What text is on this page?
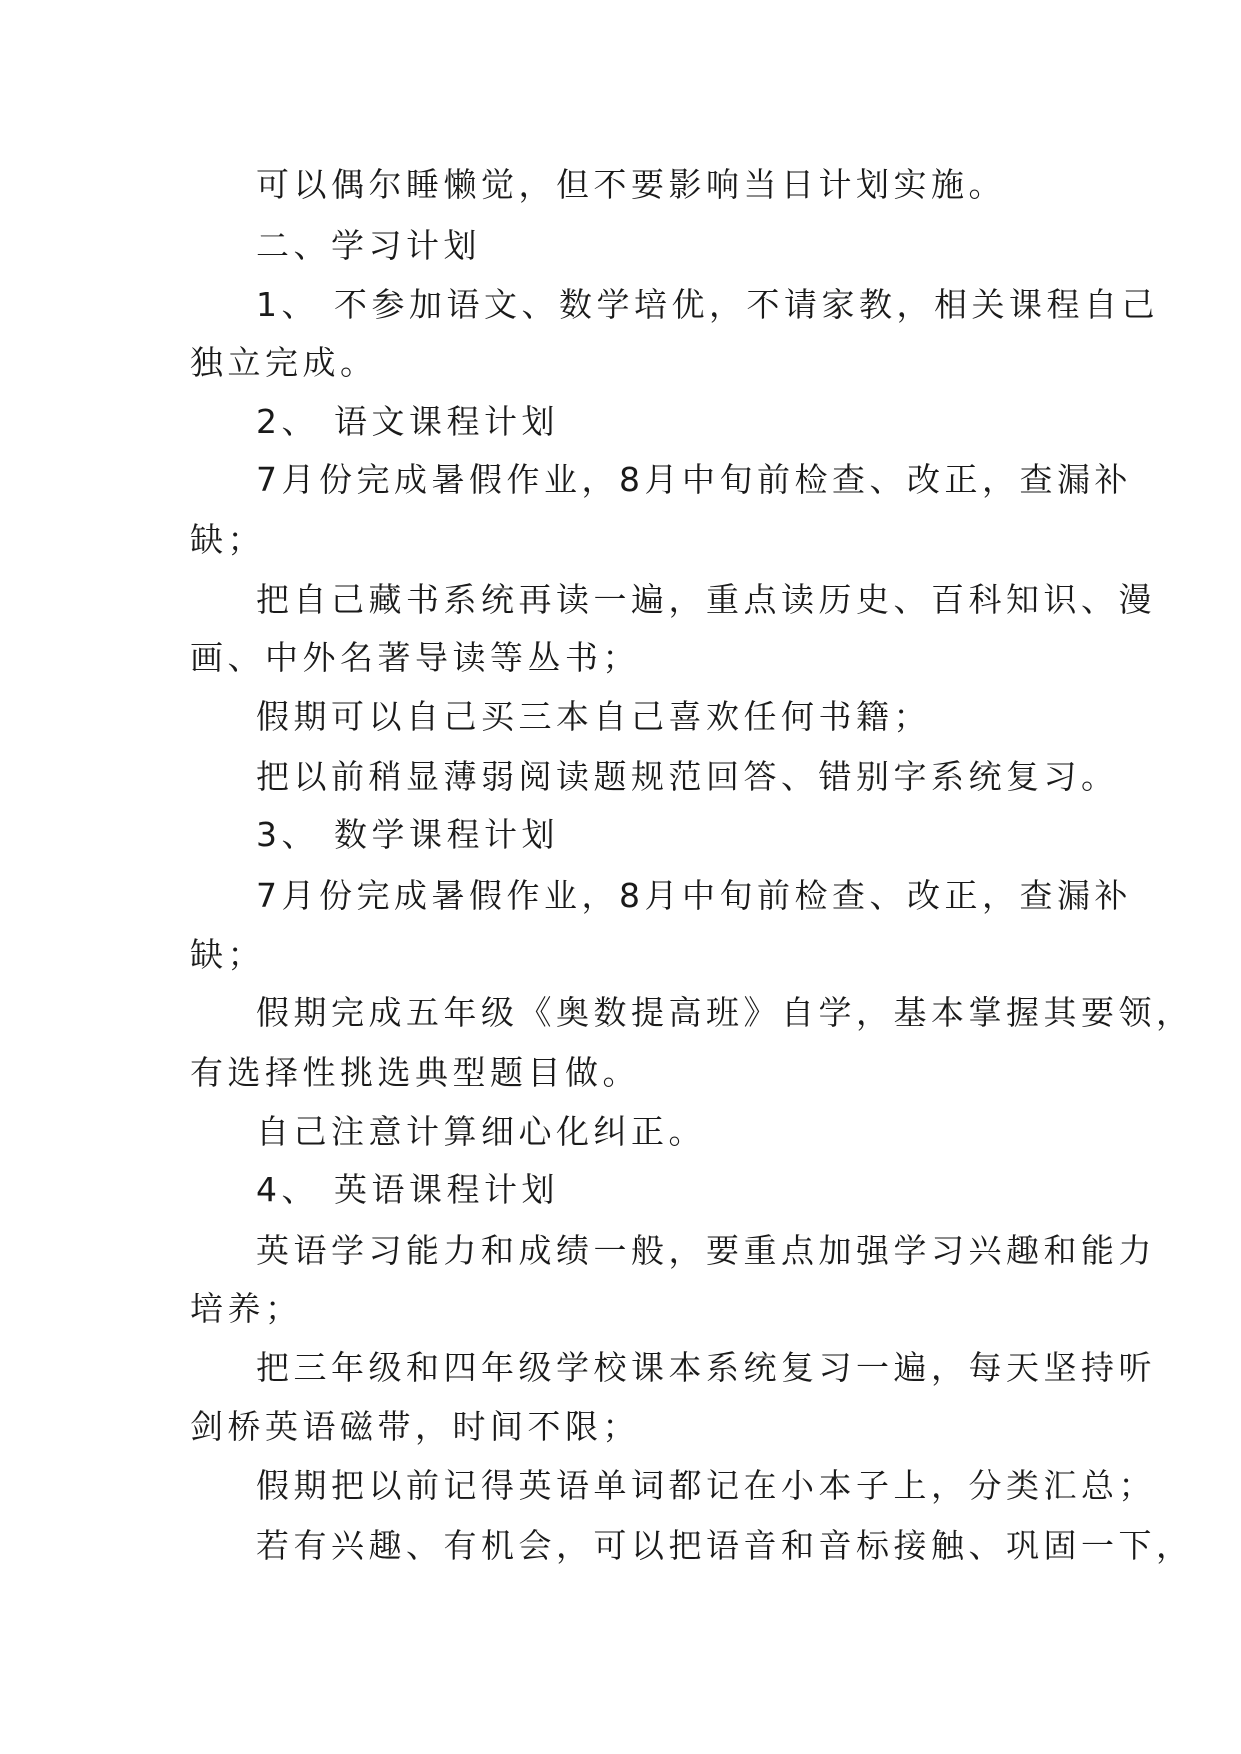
可以偶尔睡懒觉，但不要影响当日计划实施。
二、学习计划
1、 不参加语文、数学培优，不请家教，相关课程自己
独立完成。
2、 语文课程计划
7月份完成暑假作业，8月中旬前检查、改正，查漏补
缺；
把自己藏书系统再读一遍，重点读历史、百科知识、漫
画、中外名著导读等丛书；
假期可以自己买三本自己喜欢任何书籍；
把以前稍显薄弱阅读题规范回答、错别字系统复习。
3、 数学课程计划
7月份完成暑假作业，8月中旬前检查、改正，查漏补
缺；
假期完成五年级《奥数提高班》自学，基本掌握其要领，
有选择性挑选典型题目做。
自己注意计算细心化纠正。
4、 英语课程计划
英语学习能力和成绩一般，要重点加强学习兴趣和能力
培养；
把三年级和四年级学校课本系统复习一遍，每天坚持听
剑桥英语磁带，时间不限；
假期把以前记得英语单词都记在小本子上，分类汇总；
若有兴趣、有机会，可以把语音和音标接触、巩固一下，
